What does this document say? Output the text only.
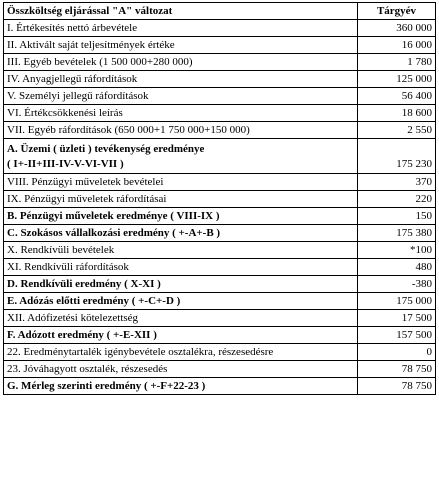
Összköltség eljárással "A" változat	Tárgyév
I. Értékesítés nettó árbevétele	360 000
II. Aktivált saját teljesítmények értéke	16 000
III. Egyéb bevételek (1 500 000+280 000)	1 780
IV. Anyagjellegű ráfordítások	125 000
V. Személyi jellegű ráfordítások	56 400
VI. Értékcsökkenési leírás	18 600
VII. Egyéb ráfordítások (650 000+1 750 000+150 000)	2 550

A. Üzemi ( üzleti ) tevékenység eredménye
( I+-II+III-IV-V-VI-VII )	175 230
VIII. Pénzügyi műveletek bevételei	370
IX. Pénzügyi műveletek ráfordításai	220
B. Pénzügyi műveletek eredménye ( VIII-IX )	150
C. Szokásos vállalkozási eredmény ( +-A+-B )	175 380
X. Rendkívüli bevételek	*100
XI. Rendkívüli ráfordítások	480
D. Rendkívüli eredmény ( X-XI )	-380
E. Adózás előtti eredmény ( +-C+-D )	175 000
XII. Adófizetési kötelezettség	17 500
F. Adózott eredmény ( +-E-XII )	157 500
22. Eredménytartalék igénybevétele osztalékra, részesedésre	0
23. Jóváhagyott osztalék, részesedés	78 750
G. Mérleg szerinti eredmény ( +-F+22-23 )	78 750
